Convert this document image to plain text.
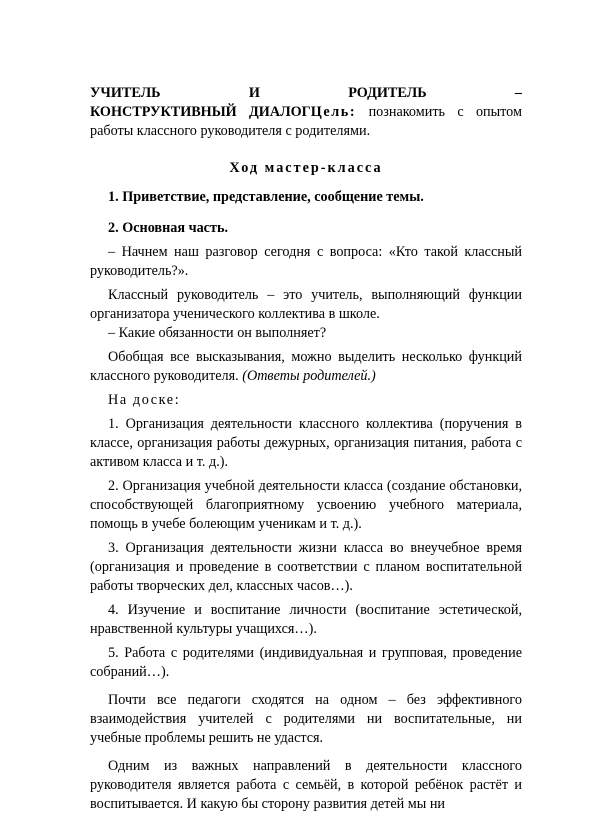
УЧИТЕЛЬ	И	РОДИТЕЛЬ	–

КОНСТРУКТИВНЫЙ ДИАЛОГЦель: познакомить с опытом работы классного руководителя с родителями.

Ход мастер-класса

1. Приветствие, представление, сообщение темы.

2. Основная часть.

– Начнем наш разговор сегодня с вопроса: «Кто такой классный руководитель?».

Классный руководитель – это учитель, выполняющий функции организатора ученического коллектива в школе.

– Какие обязанности он выполняет?

Обобщая все высказывания, можно выделить несколько функций классного руководителя. (Ответы родителей.)

На доске:

1. Организация деятельности классного коллектива (поручения в классе, организация работы дежурных, организация питания, работа с активом класса и т. д.).

2. Организация учебной деятельности класса (создание обстановки, способствующей благоприятному усвоению учебного материала, помощь в учебе болеющим ученикам и т. д.).

3. Организация деятельности жизни класса во внеучебное время (организация и проведение в соответствии с планом воспитательной работы творческих дел, классных часов…).

4. Изучение и воспитание личности (воспитание эстетической, нравственной культуры учащихся…).

5. Работа с родителями (индивидуальная и групповая, проведение собраний…).

Почти все педагоги сходятся на одном – без эффективного взаимодействия учителей с родителями ни воспитательные, ни учебные проблемы решить не удастся.

Одним из важных направлений в деятельности классного руководителя является работа с семьёй, в которой ребёнок растёт и воспитывается. И какую бы сторону развития детей мы ни
